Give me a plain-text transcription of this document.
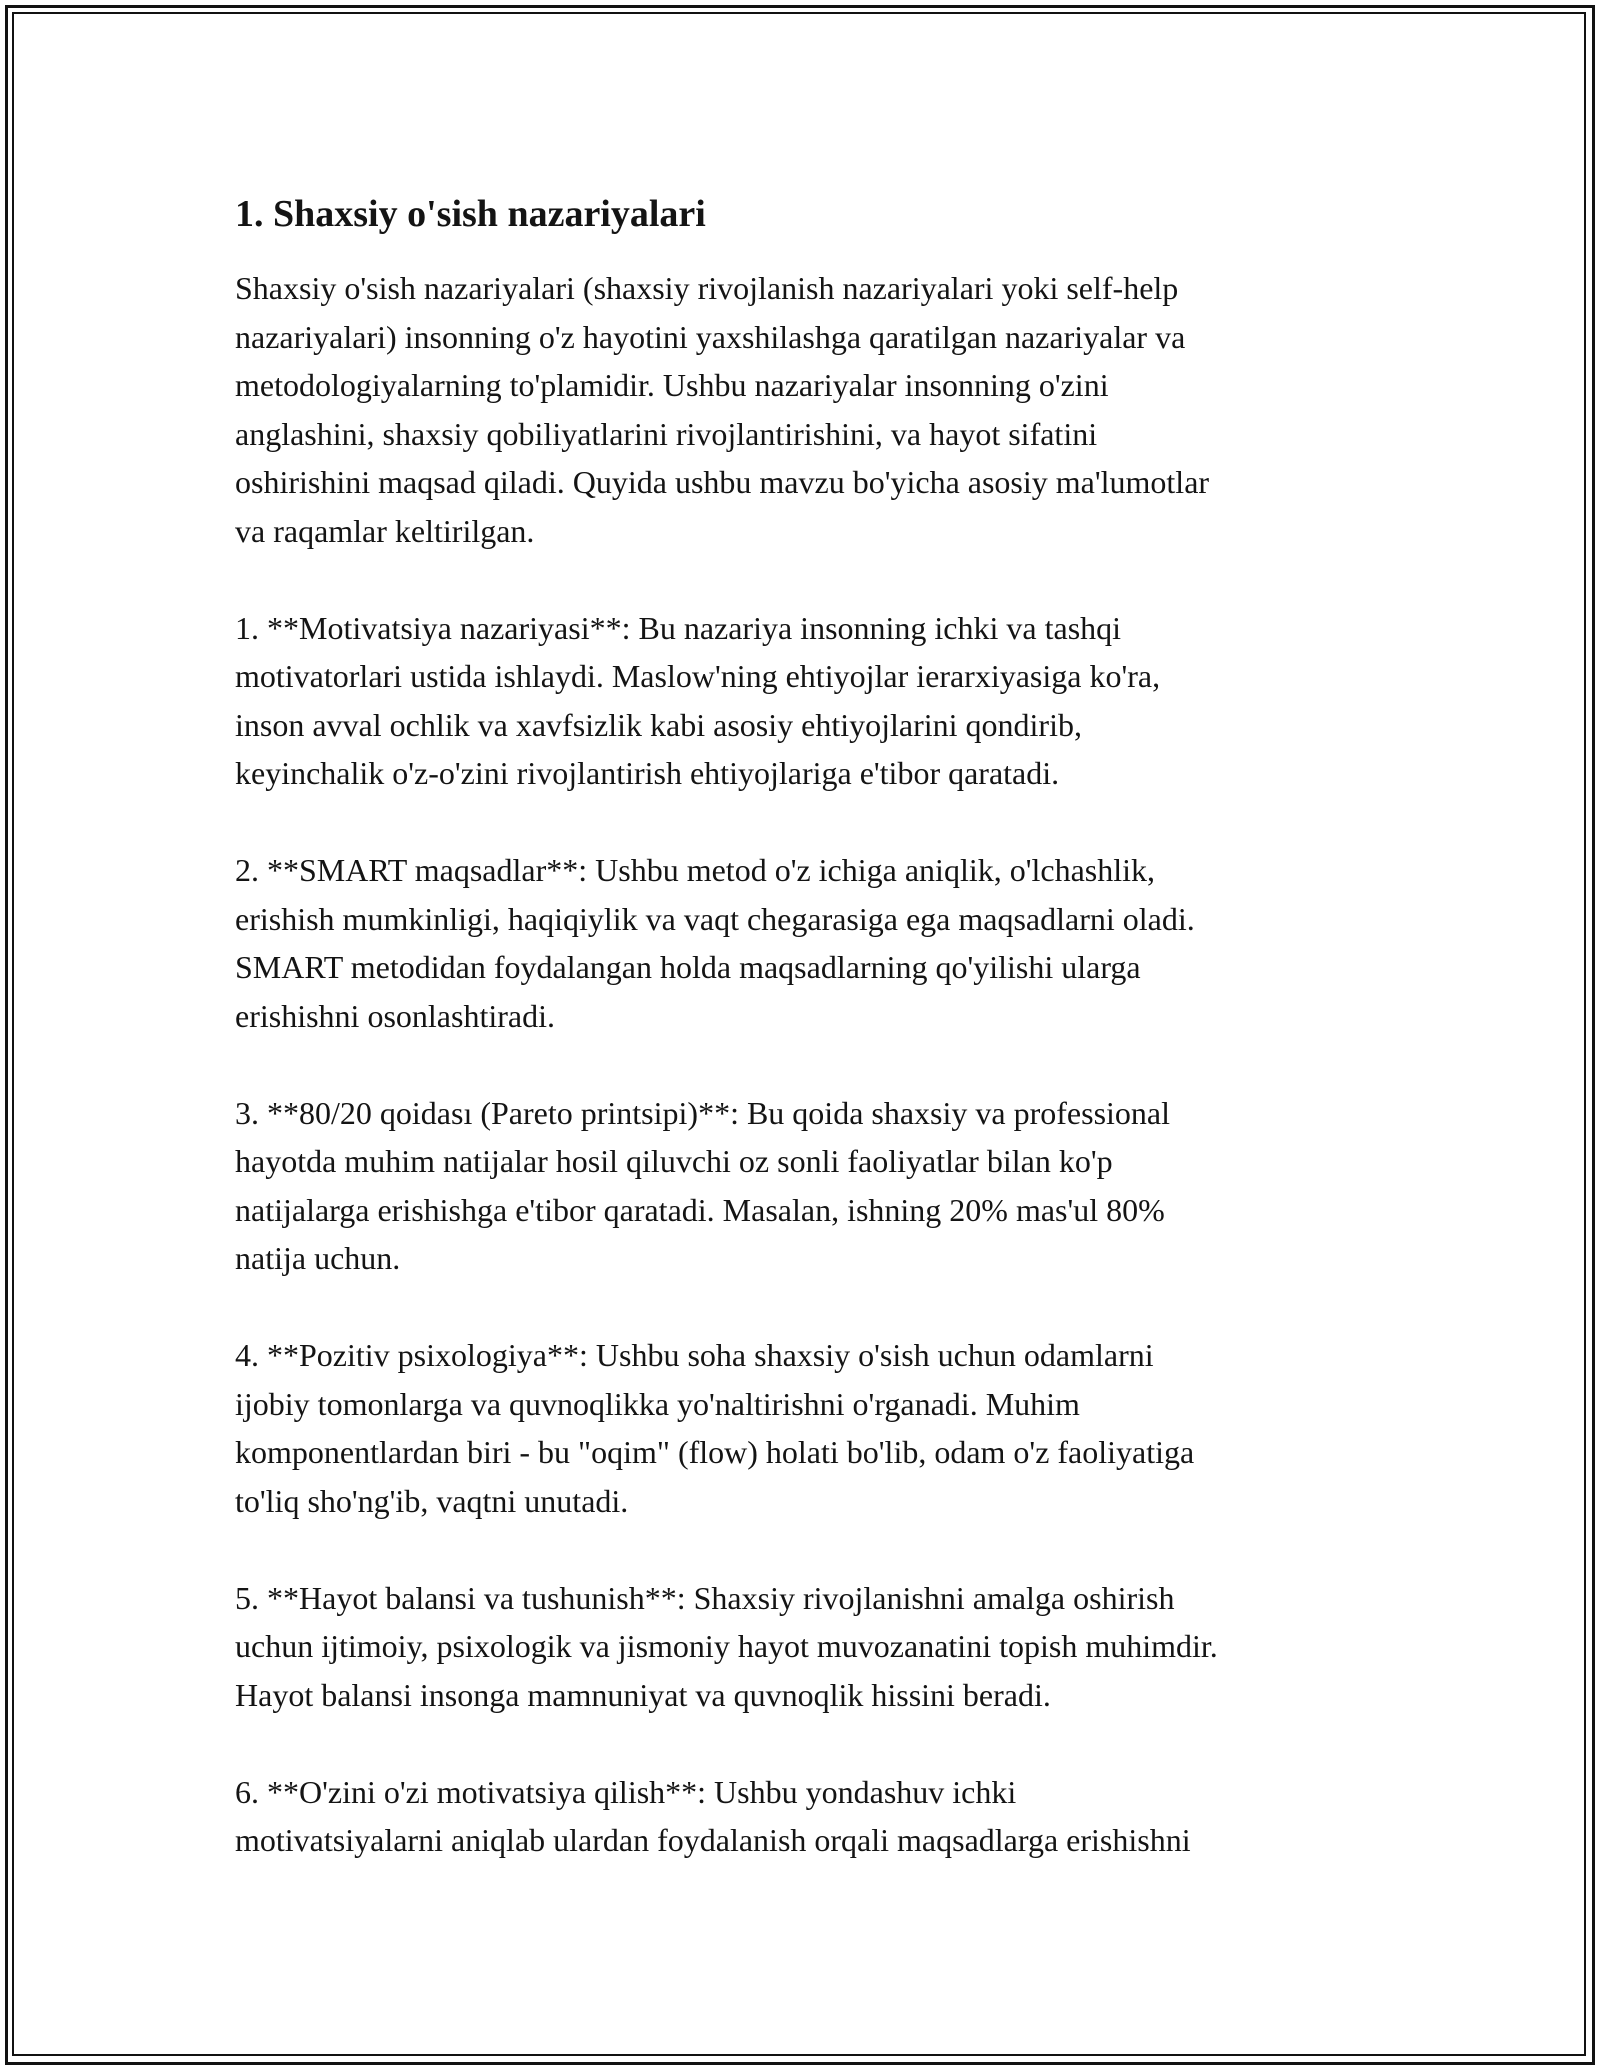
1. Shaxsiy o'sish nazariyalari

Shaxsiy o'sish nazariyalari (shaxsiy rivojlanish nazariyalari yoki self-help
nazariyalari) insonning o'z hayotini yaxshilashga qaratilgan nazariyalar va
metodologiyalarning to'plamidir. Ushbu nazariyalar insonning o'zini
anglashini, shaxsiy qobiliyatlarini rivojlantirishini, va hayot sifatini
oshirishini maqsad qiladi. Quyida ushbu mavzu bo'yicha asosiy ma'lumotlar
va raqamlar keltirilgan.

1. **Motivatsiya nazariyasi**: Bu nazariya insonning ichki va tashqi
motivatorlari ustida ishlaydi. Maslow'ning ehtiyojlar ierarxiyasiga ko'ra,
inson avval ochlik va xavfsizlik kabi asosiy ehtiyojlarini qondirib,
keyinchalik o'z-o'zini rivojlantirish ehtiyojlariga e'tibor qaratadi.

2. **SMART maqsadlar**: Ushbu metod o'z ichiga aniqlik, o'lchashlik,
erishish mumkinligi, haqiqiylik va vaqt chegarasiga ega maqsadlarni oladi.
SMART metodidan foydalangan holda maqsadlarning qo'yilishi ularga
erishishni osonlashtiradi.

3. **80/20 qoidası (Pareto printsipi)**: Bu qoida shaxsiy va professional
hayotda muhim natijalar hosil qiluvchi oz sonli faoliyatlar bilan ko'p
natijalarga erishishga e'tibor qaratadi. Masalan, ishning 20% mas'ul 80%
natija uchun.

4. **Pozitiv psixologiya**: Ushbu soha shaxsiy o'sish uchun odamlarni
ijobiy tomonlarga va quvnoqlikka yo'naltirishni o'rganadi. Muhim
komponentlardan biri - bu "oqim" (flow) holati bo'lib, odam o'z faoliyatiga
to'liq sho'ng'ib, vaqtni unutadi.

5. **Hayot balansi va tushunish**: Shaxsiy rivojlanishni amalga oshirish
uchun ijtimoiy, psixologik va jismoniy hayot muvozanatini topish muhimdir.
Hayot balansi insonga mamnuniyat va quvnoqlik hissini beradi.

6. **O'zini o'zi motivatsiya qilish**: Ushbu yondashuv ichki
motivatsiyalarni aniqlab ulardan foydalanish orqali maqsadlarga erishishni
